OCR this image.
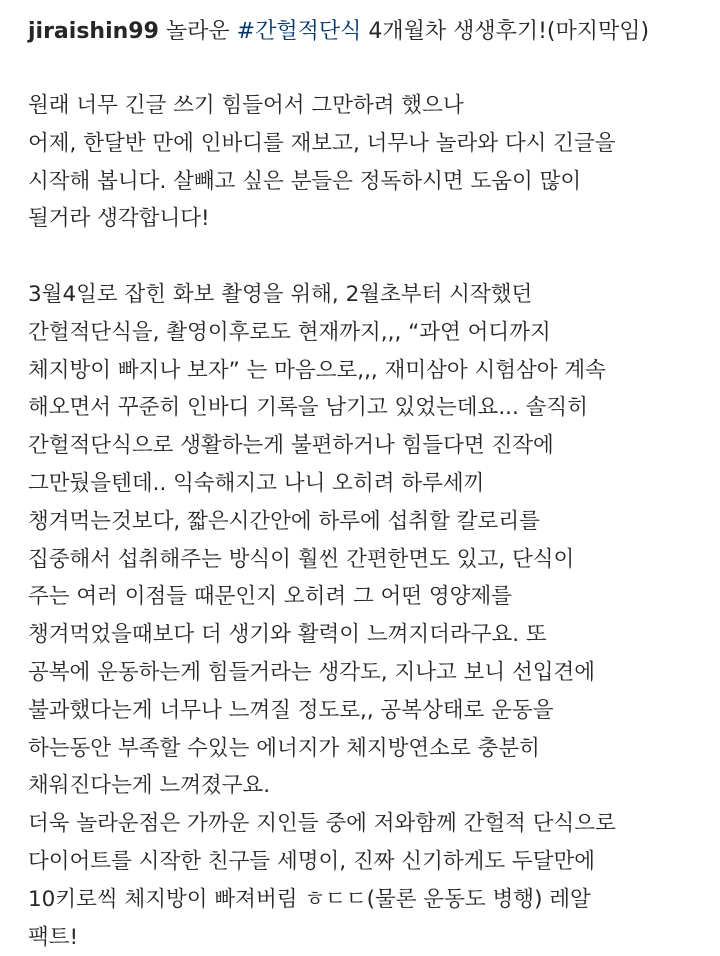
jiraishin99 놀라운 #간헐적단식 4개월차 생생후기!(마지막임)

원래 너무 긴글 쓰기 힘들어서 그만하려 했으나
어제, 한달반 만에 인바디를 재보고, 너무나 놀라와 다시 긴글을
시작해 봅니다. 살빼고 싶은 분들은 정독하시면 도움이 많이
될거라 생각합니다!

3월4일로 잡힌 화보 촬영을 위해, 2월초부터 시작했던
간헐적단식을, 촬영이후로도 현재까지,,, “과연 어디까지
체지방이 빠지나 보자” 는 마음으로,,, 재미삼아 시험삼아 계속
해오면서 꾸준히 인바디 기록을 남기고 있었는데요... 솔직히
간헐적단식으로 생활하는게 불편하거나 힘들다면 진작에
그만뒀을텐데.. 익숙해지고 나니 오히려 하루세끼
챙겨먹는것보다, 짧은시간안에 하루에 섭취할 칼로리를
집중해서 섭취해주는 방식이 훨씬 간편한면도 있고, 단식이
주는 여러 이점들 때문인지 오히려 그 어떤 영양제를
챙겨먹었을때보다 더 생기와 활력이 느껴지더라구요. 또
공복에 운동하는게 힘들거라는 생각도, 지나고 보니 선입견에
불과했다는게 너무나 느껴질 정도로,, 공복상태로 운동을
하는동안 부족할 수있는 에너지가 체지방연소로 충분히
채워진다는게 느껴졌구요.

더욱 놀라운점은 가까운 지인들 중에 저와함께 간헐적 단식으로
다이어트를 시작한 친구들 세명이, 진짜 신기하게도 두달만에
10키로씩 체지방이 빠져버림 ㅎㄷㄷ(물론 운동도 병행) 레알
팩트!
